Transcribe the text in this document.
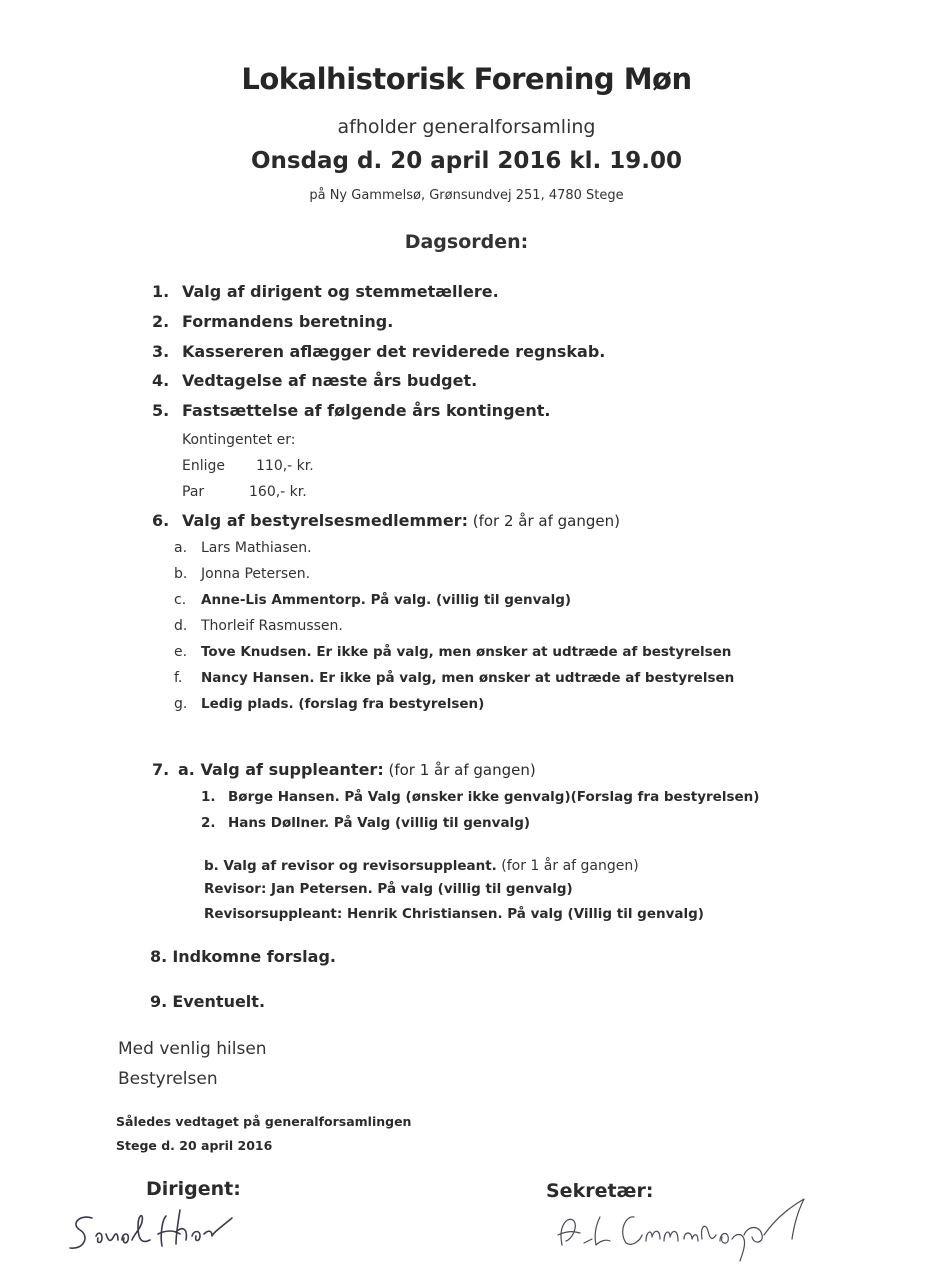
Lokalhistorisk Forening Møn
afholder generalforsamling
Onsdag d. 20 april 2016 kl. 19.00
på Ny Gammelsø, Grønsundvej 251, 4780 Stege
Dagsorden:
1. Valg af dirigent og stemmetællere.
2. Formandens beretning.
3. Kassereren aflægger det reviderede regnskab.
4. Vedtagelse af næste års budget.
5. Fastsættelse af følgende års kontingent.
Kontingentet er:
Enlige 110,- kr.
Par	160,- kr.
6. Valg af bestyrelsesmedlemmer: (for 2 år af gangen)
a. Lars Mathiasen.
b. Jonna Petersen.
c. Anne-Lis Ammentorp. På valg. (villig til genvalg)
d. Thorleif Rasmussen.
e. Tove Knudsen. Er ikke på valg, men ønsker at udtræde af bestyrelsen
f. Nancy Hansen. Er ikke på valg, men ønsker at udtræde af bestyrelsen
g. Ledig plads. (forslag fra bestyrelsen)
7. a. Valg af suppleanter: (for 1 år af gangen)
1. Børge Hansen. På Valg (ønsker ikke genvalg)(Forslag fra bestyrelsen)
2. Hans Døllner. På Valg (villig til genvalg)
b. Valg af revisor og revisorsuppleant. (for 1 år af gangen)
Revisor: Jan Petersen. På valg (villig til genvalg)
Revisorsuppleant: Henrik Christiansen. På valg (Villig til genvalg)
8. Indkomne forslag.
9. Eventuelt.
Med venlig hilsen
Bestyrelsen
Således vedtaget på generalforsamlingen
Stege d. 20 april 2016
Dirigent:	Sekretær:
